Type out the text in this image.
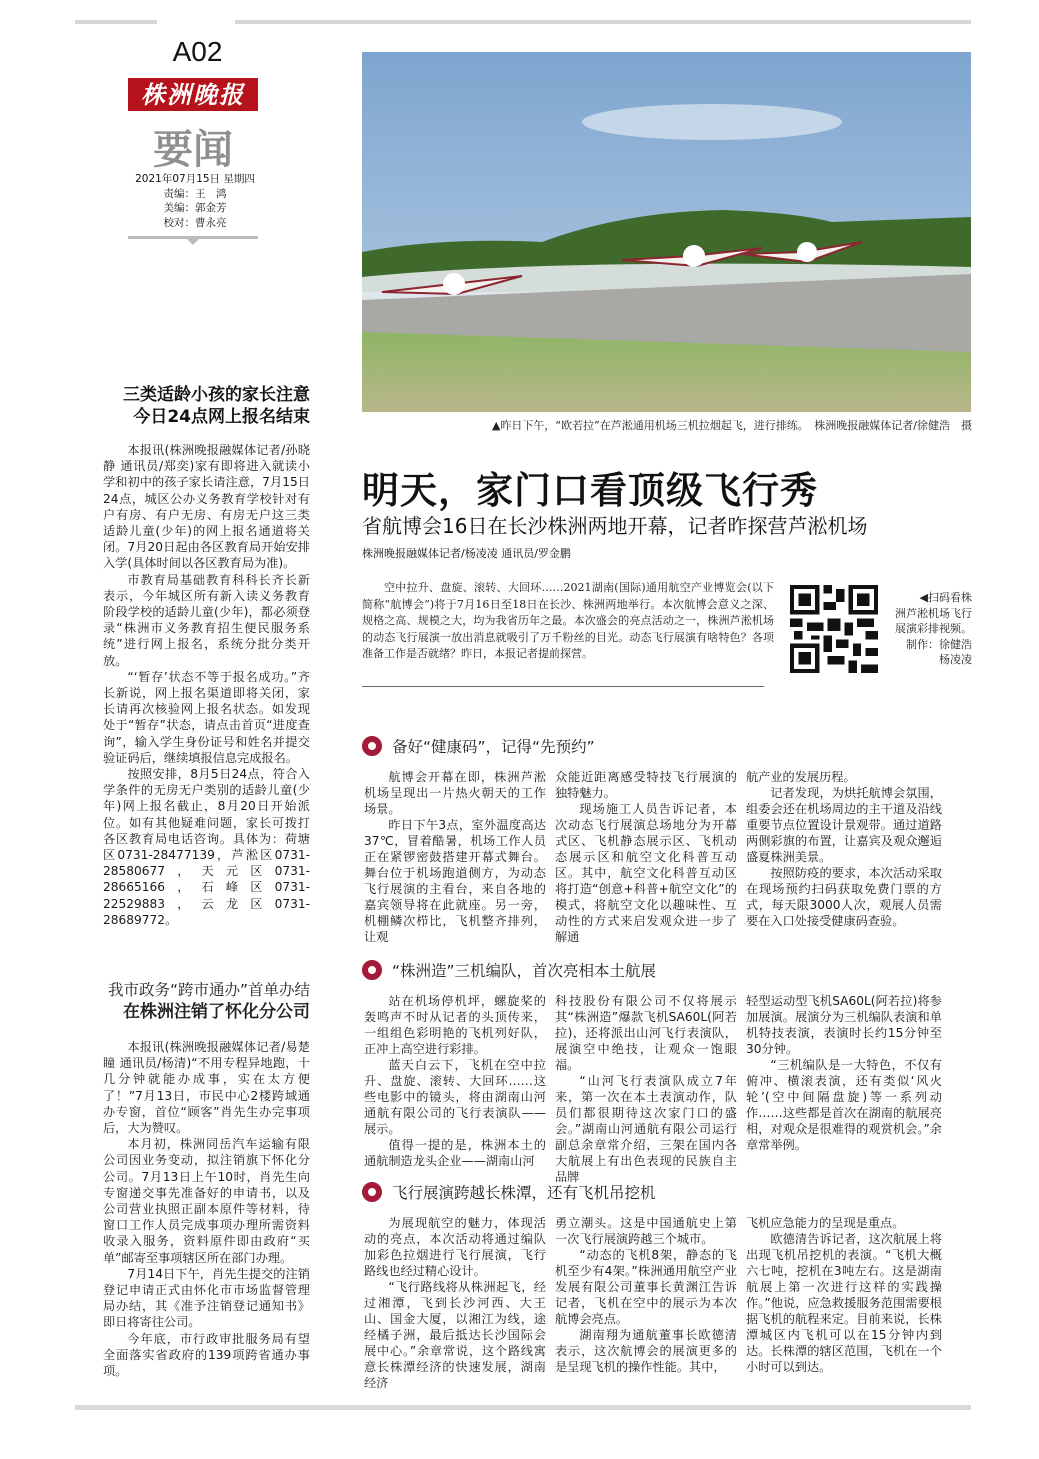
A02
株洲晚报
要闻
2021年07月15日 星期四
责编：王　鸿
美编：郭金芳
校对：曹永亮
三类适龄小孩的家长注意
今日24点网上报名结束

本报讯(株洲晚报融媒体记者/孙晓静 通讯员/郑奕)家有即将进入就读小学和初中的孩子家长请注意，7月15日24点，城区公办义务教育学校针对有户有房、有户无房、有房无户这三类适龄儿童(少年)的网上报名通道将关闭。7月20日起由各区教育局开始安排入学(具体时间以各区教育局为准)。

市教育局基础教育科科长齐长新表示，今年城区所有新入读义务教育阶段学校的适龄儿童(少年)，都必须登录“株洲市义务教育招生便民服务系统”进行网上报名，系统分批分类开放。

“‘暂存’状态不等于报名成功。”齐长新说，网上报名渠道即将关闭，家长请再次核验网上报名状态。如发现处于“暂存”状态，请点击首页“进度查询”，输入学生身份证号和姓名并提交验证码后，继续填报信息完成报名。

按照安排，8月5日24点，符合入学条件的无房无户类别的适龄儿童(少年)网上报名截止，8月20日开始派位。如有其他疑难问题，家长可拨打各区教育局电话咨询。具体为：荷塘区0731-28477139，芦淞区0731-28580677，天元区0731-28665166，石峰区0731-22529883，云龙区0731-28689772。

我市政务“跨市通办”首单办结
在株洲注销了怀化分公司

本报讯(株洲晚报融媒体记者/易楚瞳 通讯员/杨清)“不用专程异地跑，十几分钟就能办成事，实在太方便了！”7月13日，市民中心2楼跨域通办专窗，首位“顾客”肖先生办完事项后，大为赞叹。

本月初，株洲同岳汽车运输有限公司因业务变动，拟注销旗下怀化分公司。7月13日上午10时，肖先生向专窗递交事先准备好的申请书，以及公司营业执照正副本原件等材料，待窗口工作人员完成事项办理所需资料收录入服务，资料原件即由政府“买单”邮寄至事项辖区所在部门办理。

7月14日下午，肖先生提交的注销登记申请正式由怀化市市场监督管理局办结，其《准予注销登记通知书》即日将寄往公司。

今年底，市行政审批服务局有望全面落实省政府的139项跨省通办事项。

▲昨日下午，“欧若拉”在芦淞通用机场三机拉烟起飞，进行排练。　株洲晚报融媒体记者/徐健浩　摄
明天，家门口看顶级飞行秀
省航博会16日在长沙株洲两地开幕，记者昨探营芦淞机场
株洲晚报融媒体记者/杨凌凌 通讯员/罗金鹏
空中拉升、盘旋、滚转、大回环……2021湖南(国际)通用航空产业博览会(以下简称“航博会”)将于7月16日至18日在长沙、株洲两地举行。本次航博会意义之深、规格之高、规模之大，均为我省历年之最。本次盛会的亮点活动之一，株洲芦淞机场的动态飞行展演一放出消息就吸引了万千粉丝的目光。动态飞行展演有啥特色？各项准备工作是否就绪？昨日，本报记者提前探营。
◀扫码看株
洲芦淞机场飞行
展演彩排视频。
制作：徐健浩
杨凌凌
备好“健康码”，记得“先预约”

航博会开幕在即，株洲芦淞机场呈现出一片热火朝天的工作场景。

昨日下午3点，室外温度高达37℃，冒着酷暑，机场工作人员正在紧锣密鼓搭建开幕式舞台。舞台位于机场跑道侧方，为动态飞行展演的主看台，来自各地的嘉宾领导将在此就座。另一旁，机棚鳞次栉比，飞机整齐排列，让观

众能近距离感受特技飞行展演的独特魅力。

现场施工人员告诉记者，本次动态飞行展演总场地分为开幕式区、飞机静态展示区、飞机动态展示区和航空文化科普互动区。其中，航空文化科普互动区将打造“创意+科普+航空文化”的模式，将航空文化以趣味性、互动性的方式来启发观众进一步了解通

航产业的发展历程。

记者发现，为烘托航博会氛围，组委会还在机场周边的主干道及沿线重要节点位置设计景观带。通过道路两侧彩旗的布置，让嘉宾及观众邂逅盛夏株洲美景。

按照防疫的要求，本次活动采取在现场预约扫码获取免费门票的方式，每天限3000人次，观展人员需要在入口处接受健康码查验。

“株洲造”三机编队，首次亮相本土航展

站在机场停机坪，螺旋桨的轰鸣声不时从记者的头顶传来，一组组色彩明艳的飞机列好队，正冲上高空进行彩排。

蓝天白云下，飞机在空中拉升、盘旋、滚转、大回环……这些电影中的镜头，将由湖南山河通航有限公司的飞行表演队——展示。

值得一提的是，株洲本土的通航制造龙头企业——湖南山河

科技股份有限公司不仅将展示其“株洲造”爆款飞机SA60L(阿若拉)，还将派出山河飞行表演队，展演空中绝技，让观众一饱眼福。

“山河飞行表演队成立7年来，第一次在本土表演动作，队员们都很期待这次家门口的盛会。”湖南山河通航有限公司运行副总余章常介绍，三架在国内各大航展上有出色表现的民族自主品牌

轻型运动型飞机SA60L(阿若拉)将参加展演。展演分为三机编队表演和单机特技表演，表演时长约15分钟至30分钟。

“三机编队是一大特色，不仅有俯冲、横滚表演，还有类似‘风火轮’(空中间隔盘旋)等一系列动作……这些都是首次在湖南的航展亮相，对观众是很难得的观赏机会。”余章常举例。

飞行展演跨越长株潭，还有飞机吊挖机

为展现航空的魅力，体现活动的亮点，本次活动将通过编队加彩色拉烟进行飞行展演，飞行路线也经过精心设计。

“飞行路线将从株洲起飞，经过湘潭，飞到长沙河西、大王山、国金大厦，以湘江为线，途经橘子洲，最后抵达长沙国际会展中心。”余章常说，这个路线寓意长株潭经济的快速发展，湖南经济

勇立潮头。这是中国通航史上第一次飞行展演跨越三个城市。

“动态的飞机8架，静态的飞机至少有4架。”株洲通用航空产业发展有限公司董事长黄渊江告诉记者，飞机在空中的展示为本次航博会亮点。

湖南翔为通航董事长欧德清表示，这次航博会的展演更多的是呈现飞机的操作性能。其中，

飞机应急能力的呈现是重点。

欧德清告诉记者，这次航展上将出现飞机吊挖机的表演。“飞机大概六七吨，挖机在3吨左右。这是湖南航展上第一次进行这样的实践操作。”他说，应急救援服务范围需要根据飞机的航程来定。目前来说，长株潭城区内飞机可以在15分钟内到达。长株潭的辖区范围，飞机在一个小时可以到达。
